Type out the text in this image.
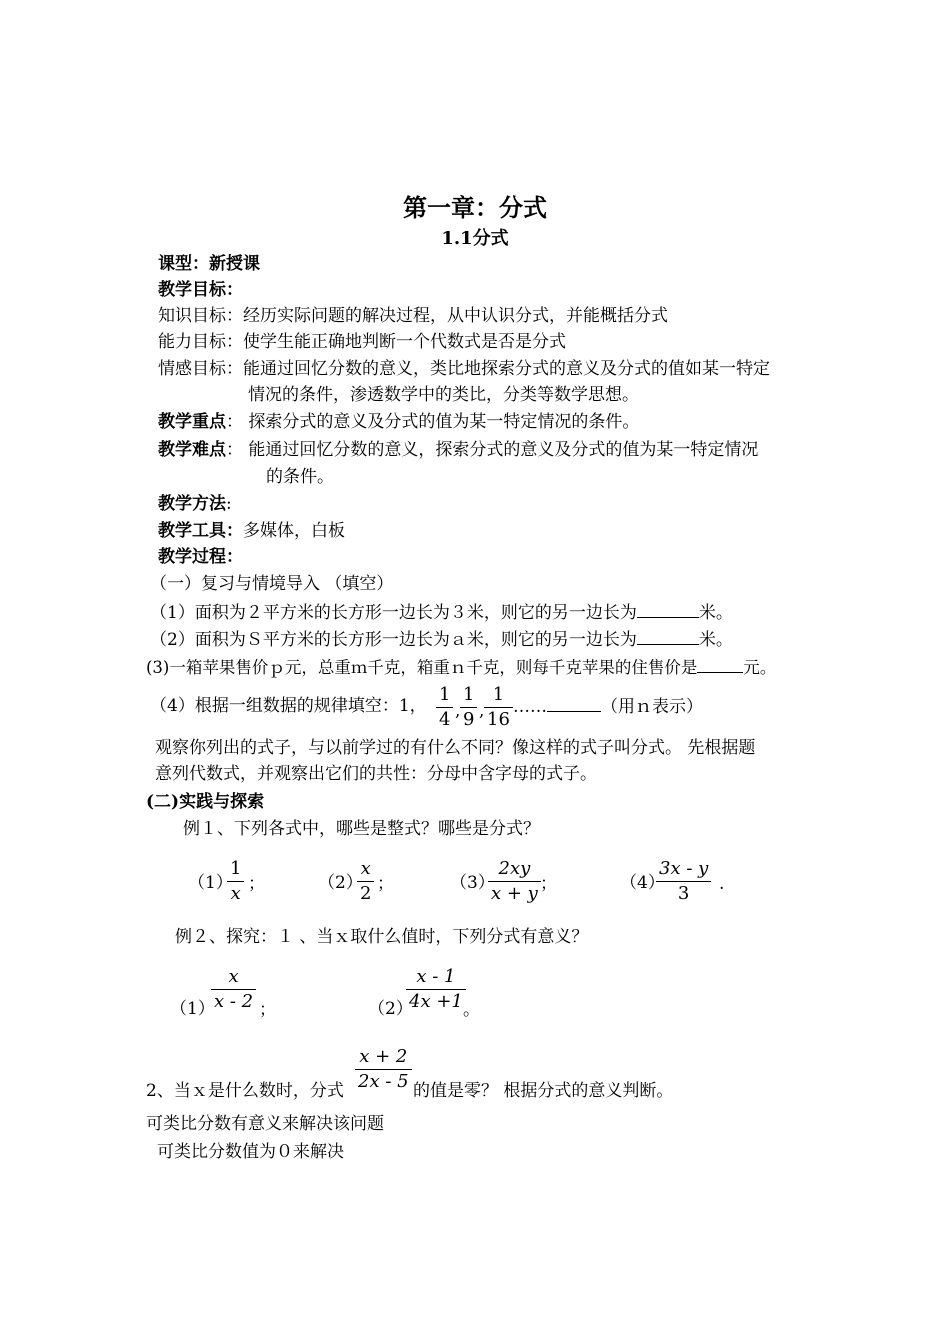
第一章：分式
1.1分式
课型：新授课
教学目标：
知识目标：经历实际问题的解决过程，从中认识分式，并能概括分式
能力目标：使学生能正确地判断一个代数式是否是分式
情感目标：能通过回忆分数的意义，类比地探索分式的意义及分式的值如某一特定
情况的条件，渗透数学中的类比，分类等数学思想。
教学重点： 探索分式的意义及分式的值为某一特定情况的条件。
教学难点： 能通过回忆分数的意义，探索分式的意义及分式的值为某一特定情况
的条件。
教学方法:
教学工具：多媒体，白板
教学过程：
（一）复习与情境导入 （填空）
（1）面积为２平方米的长方形一边长为３米，则它的另一边长为	米。
（2）面积为Ｓ平方米的长方形一边长为ａ米，则它的另一边长为	米。
(3)一箱苹果售价ｐ元，总重ｍ千克，箱重ｎ千克，则每千克苹果的住售价是	元。
（4）根据一组数据的规律填空：1，
1
4 ,
1
9 ,
1
16
……	（用ｎ表示）
观察你列出的式子，与以前学过的有什么不同？像这样的式子叫分式。 先根据题
意列代数式，并观察出它们的共性：分母中含字母的式子。
(二)实践与探索
例１、下列各式中，哪些是整式？哪些是分式？
（1）
1
x ；	（2）
x
2 ；	（3）
2xy
x + y ；	（4）
3x - y
3 .
例２、探究：１ 、当ｘ取什么值时，下列分式有意义？
（1）
x
x - 2 ；	（2）
x - 1
4x +1 。
2、当ｘ是什么数时，分式
x + 2
2x - 5 的值是零？ 根据分式的意义判断。
可类比分数有意义来解决该问题
可类比分数值为０来解决
